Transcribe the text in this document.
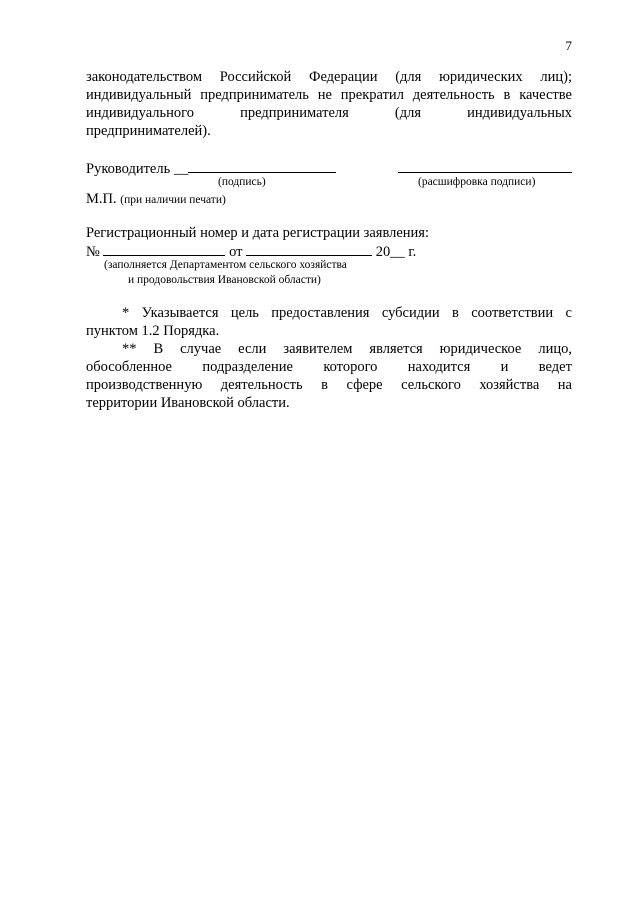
7
законодательством Российской Федерации (для юридических лиц);
индивидуальный предприниматель не прекратил деятельность в качестве
индивидуального	предпринимателя	(для	индивидуальных
предпринимателей).
Руководитель __
(подпись)	(расшифровка подписи)
М.П. (при наличии печати)
Регистрационный номер и дата регистрации заявления:
№	от	20__ г.
(заполняется Департаментом сельского хозяйства
и продовольствия Ивановской области)
* Указывается цель предоставления субсидии в соответствии с
пунктом 1.2 Порядка.
** В случае если заявителем является юридическое лицо,
обособленное подразделение которого находится и ведет
производственную деятельность в сфере сельского хозяйства на
территории Ивановской области.
